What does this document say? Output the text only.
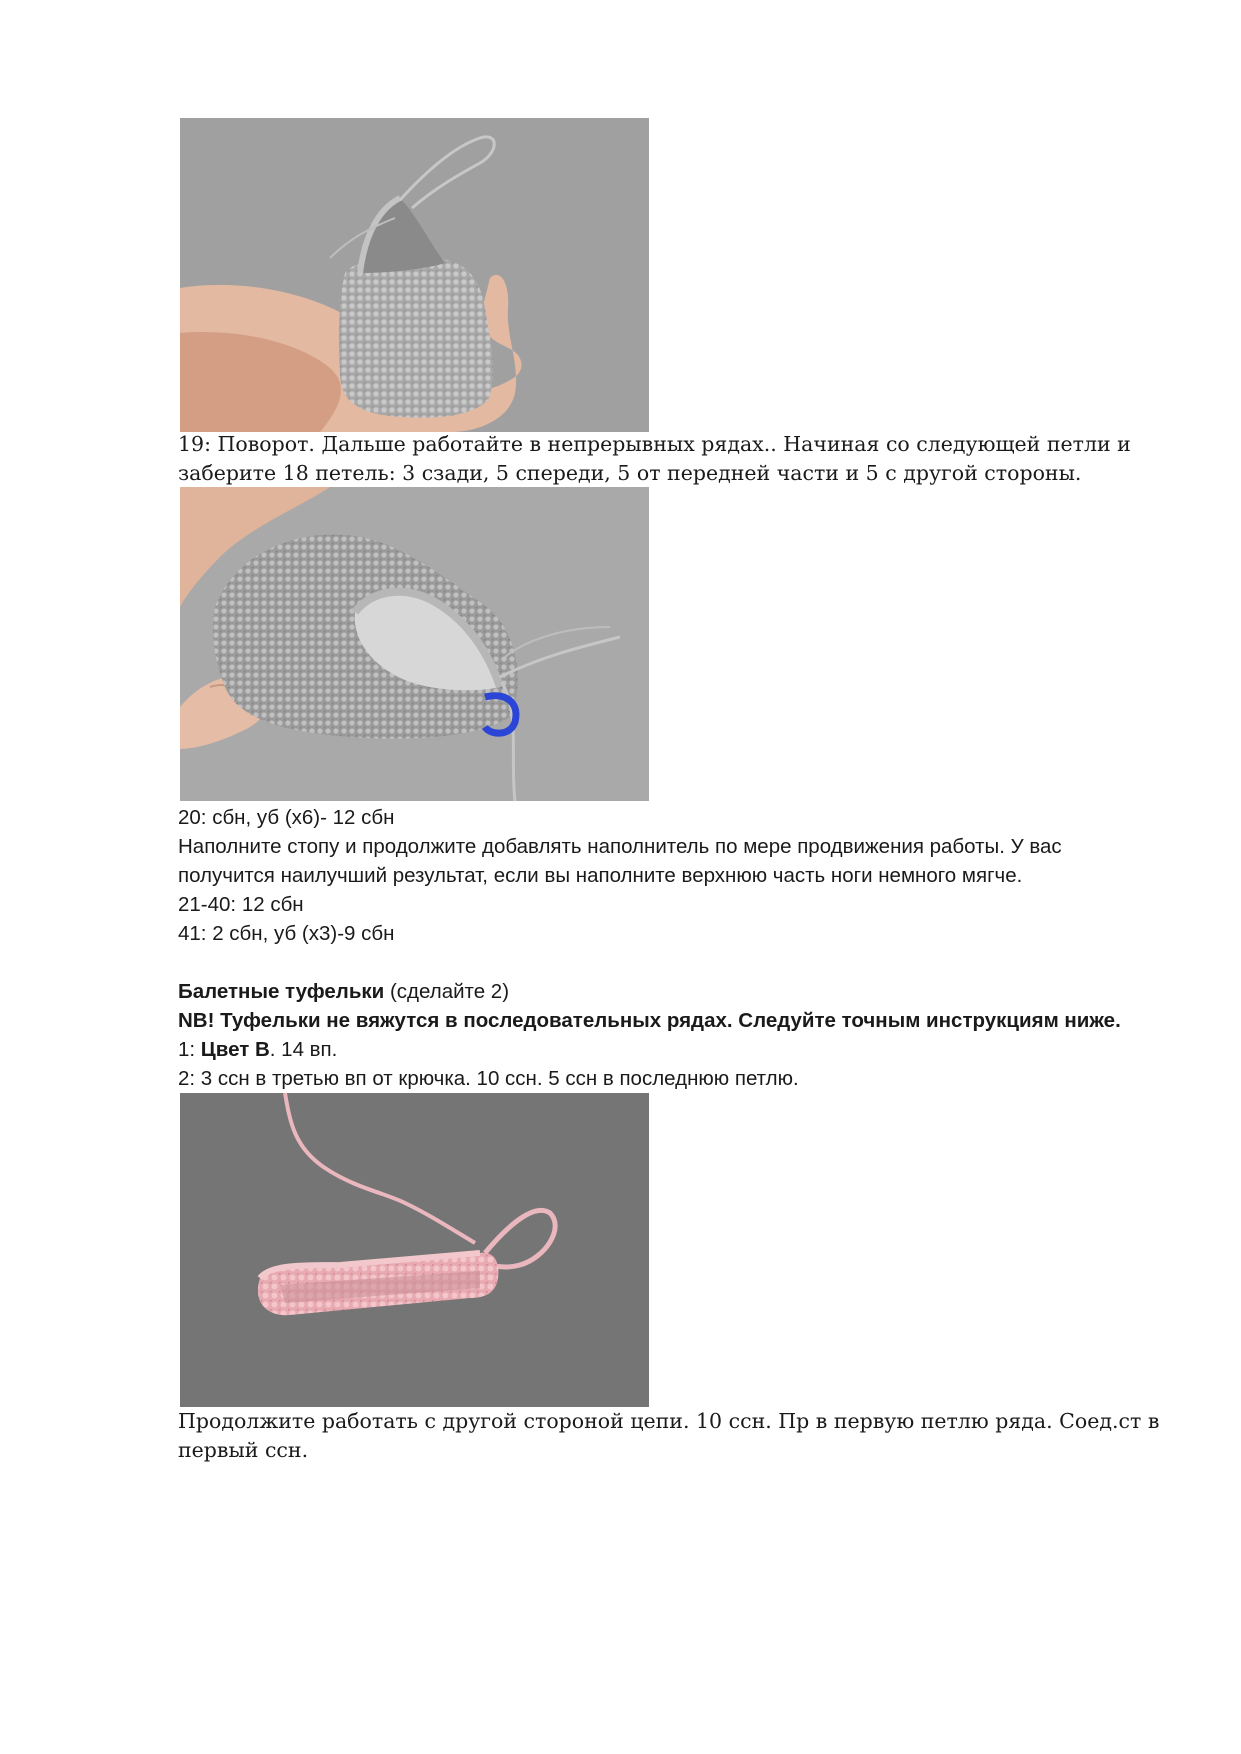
19: Поворот. Дальше работайте в непрерывных рядах.. Начиная со следующей петли и

заберите 18 петель: 3 сзади, 5 спереди, 5 от передней части и 5 с другой стороны.

20: сбн, уб (х6)- 12 сбн

Наполните стопу и продолжите добавлять наполнитель по мере продвижения работы. У вас

получится наилучший результат, если вы наполните верхнюю часть ноги немного мягче.

21-40: 12 сбн

41: 2 сбн, уб (х3)-9 сбн

Балетные туфельки (сделайте 2)

NB! Туфельки не вяжутся в последовательных рядах. Следуйте точным инструкциям ниже.

1: Цвет В. 14 вп.

2: 3 ссн в третью вп от крючка. 10 ссн. 5 ссн в последнюю петлю.

Продолжите работать с другой стороной цепи. 10 ссн. Пр в первую петлю ряда. Соед.ст в

первый ссн.
